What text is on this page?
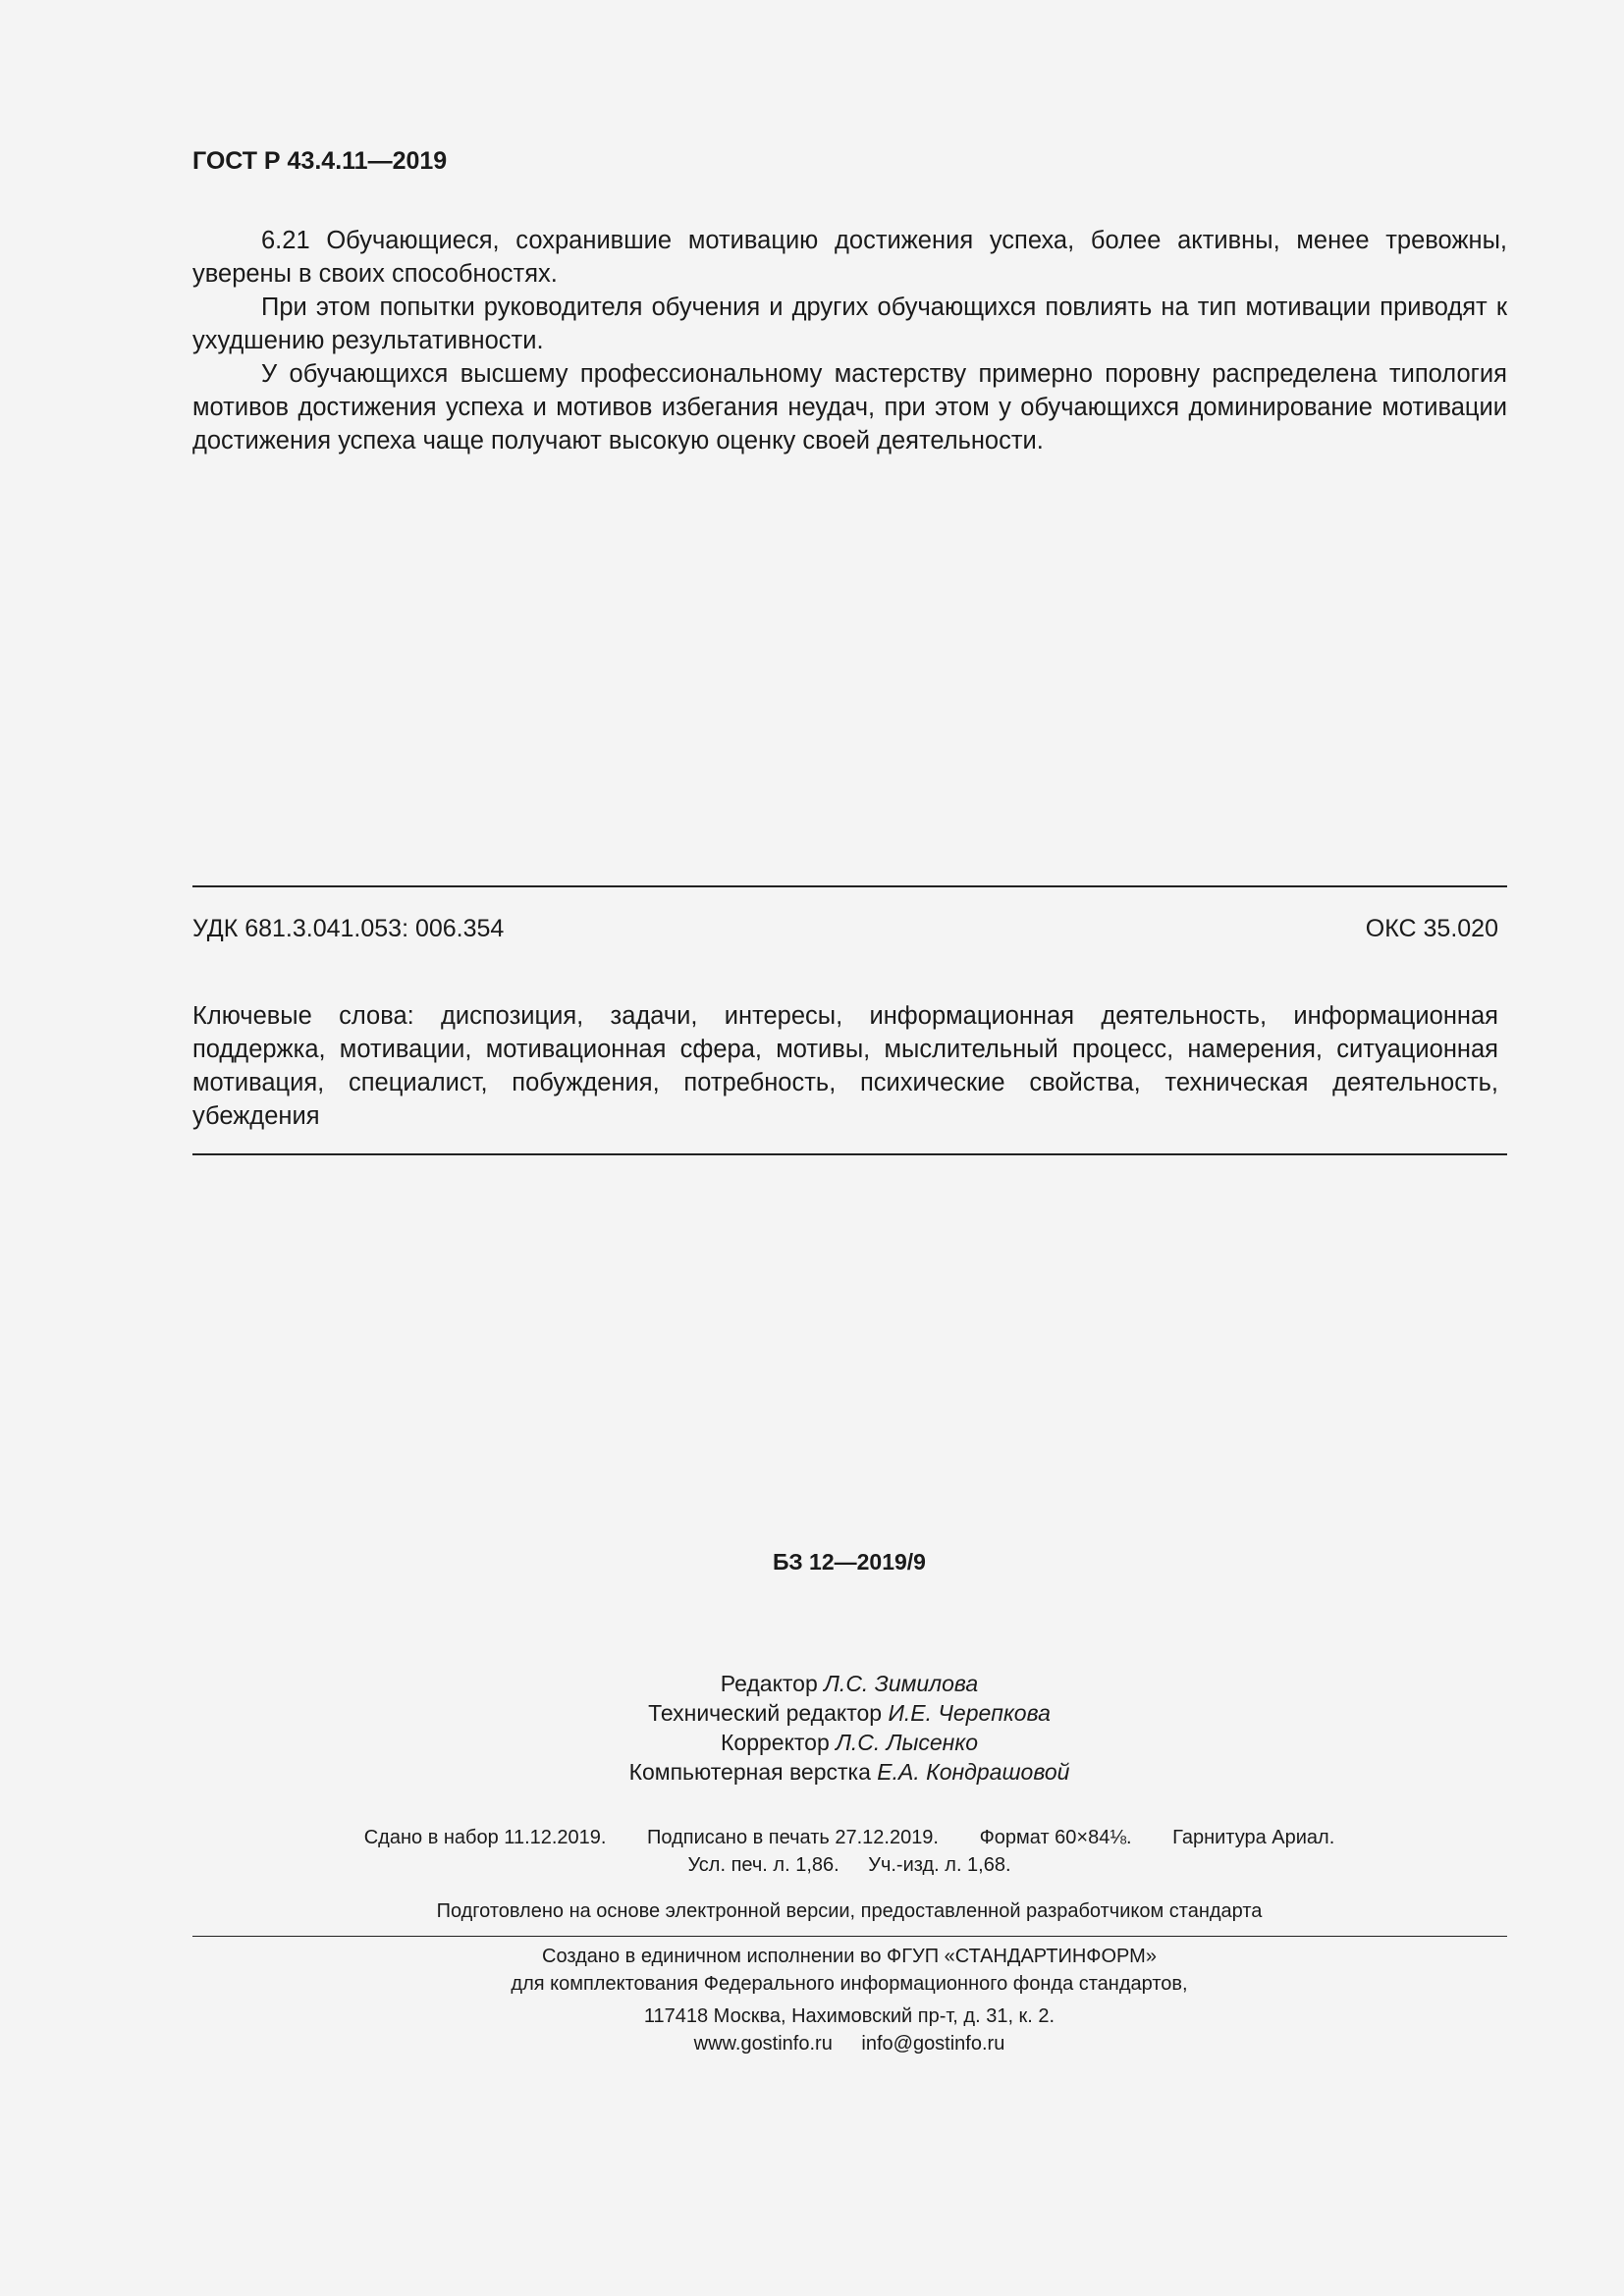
ГОСТ Р 43.4.11—2019

6.21 Обучающиеся, сохранившие мотивацию достижения успеха, более активны, менее тревожны, уверены в своих способностях.

При этом попытки руководителя обучения и других обучающихся повлиять на тип мотивации приводят к ухудшению результативности.

У обучающихся высшему профессиональному мастерству примерно поровну распределена типология мотивов достижения успеха и мотивов избегания неудач, при этом у обучающихся доминирование мотивации достижения успеха чаще получают высокую оценку своей деятельности.

УДК 681.3.041.053: 006.354	ОКС 35.020
Ключевые слова: диспозиция, задачи, интересы, информационная деятельность, информационная поддержка, мотивации, мотивационная сфера, мотивы, мыслительный процесс, намерения, ситуационная мотивация, специалист, побуждения, потребность, психические свойства, техническая деятельность, убеждения
БЗ 12—2019/9
Редактор Л.С. Зимилова
Технический редактор И.Е. Черепкова
Корректор Л.С. Лысенко
Компьютерная верстка Е.А. Кондрашовой
Сдано в набор 11.12.2019. Подписано в печать 27.12.2019. Формат 60×84⅛. Гарнитура Ариал.
Усл. печ. л. 1,86. Уч.-изд. л. 1,68.
Подготовлено на основе электронной версии, предоставленной разработчиком стандарта
Создано в единичном исполнении во ФГУП «СТАНДАРТИНФОРМ»
для комплектования Федерального информационного фонда стандартов,
117418 Москва, Нахимовский пр-т, д. 31, к. 2.
www.gostinfo.ru info@gostinfo.ru
